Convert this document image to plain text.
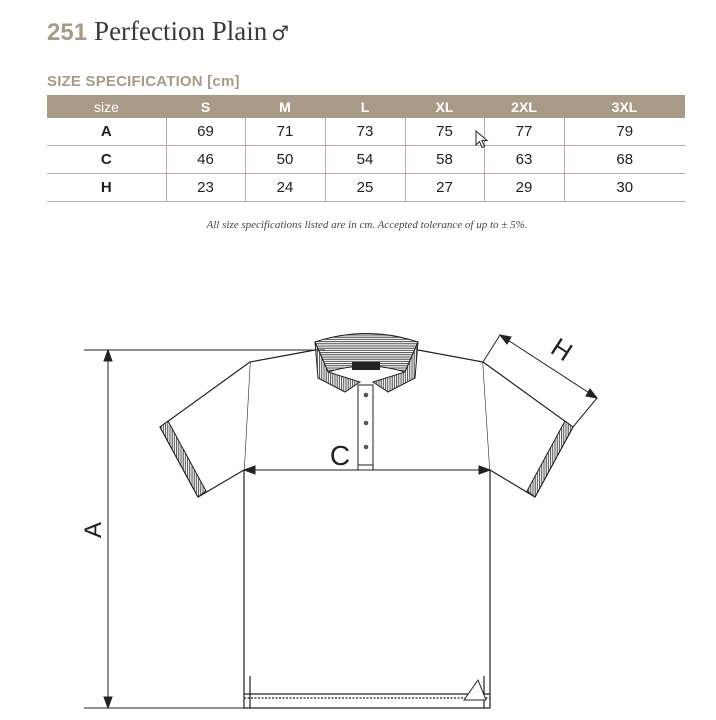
251 Perfection Plain ♂
SIZE SPECIFICATION [cm]
size	S	M	L	XL	2XL	3XL
A	69	71	73	75	77	79
C	46	50	54	58	63	68
H	23	24	25	27	29	30
All size specifications listed are in cm. Accepted tolerance of up to ± 5%.
A
C
H
